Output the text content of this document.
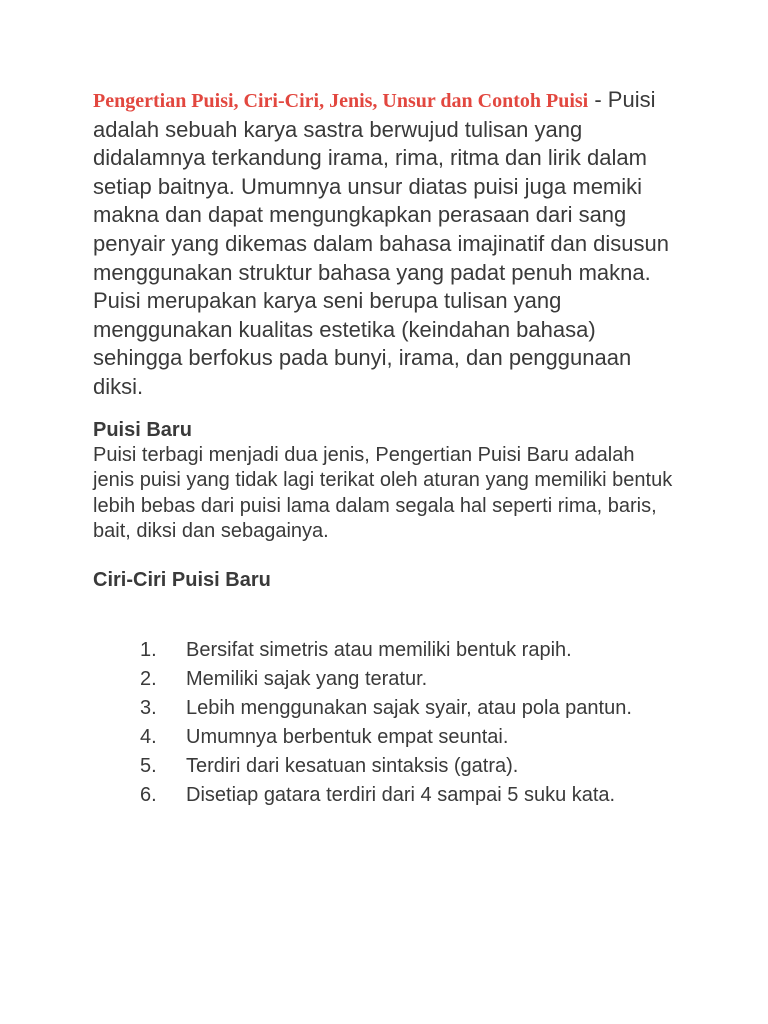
Pengertian Puisi, Ciri-Ciri, Jenis, Unsur dan Contoh Puisi - Puisi adalah sebuah karya sastra berwujud tulisan yang didalamnya terkandung irama, rima, ritma dan lirik dalam setiap baitnya. Umumnya unsur diatas puisi juga memiki makna dan dapat mengungkapkan perasaan dari sang penyair yang dikemas dalam bahasa imajinatif dan disusun menggunakan struktur bahasa yang padat penuh makna. Puisi merupakan karya seni berupa tulisan yang menggunakan kualitas estetika (keindahan bahasa) sehingga berfokus pada bunyi, irama, dan penggunaan diksi.

Puisi Baru

Puisi terbagi menjadi dua jenis, Pengertian Puisi Baru adalah jenis puisi yang tidak lagi terikat oleh aturan yang memiliki bentuk lebih bebas dari puisi lama dalam segala hal seperti rima, baris, bait, diksi dan sebagainya.

Ciri-Ciri Puisi Baru
1. Bersifat simetris atau memiliki bentuk rapih.
2. Memiliki sajak yang teratur.
3. Lebih menggunakan sajak syair, atau pola pantun.
4. Umumnya berbentuk empat seuntai.
5. Terdiri dari kesatuan sintaksis (gatra).
6. Disetiap gatara terdiri dari 4 sampai 5 suku kata.
